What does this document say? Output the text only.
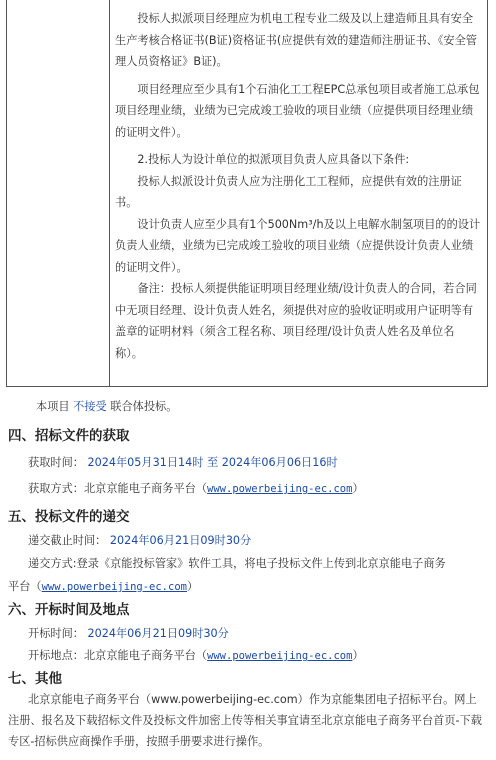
投标人拟派项目经理应为机电工程专业二级及以上建造师且具有安全生产考核合格证书(B证)资格证书(应提供有效的建造师注册证书、《安全管理人员资格证》B证)。

项目经理应至少具有1个石油化工工程EPC总承包项目或者施工总承包项目经理业绩，业绩为已完成竣工验收的项目业绩（应提供项目经理业绩的证明文件）。

2.投标人为设计单位的拟派项目负责人应具备以下条件:

投标人拟派设计负责人应为注册化工工程师，应提供有效的注册证书。

设计负责人应至少具有1个500Nm³/h及以上电解水制氢项目的的设计负责人业绩，业绩为已完成竣工验收的项目业绩（应提供设计负责人业绩的证明文件）。

备注：投标人须提供能证明项目经理业绩/设计负责人的合同，若合同中无项目经理、设计负责人姓名，须提供对应的验收证明或用户证明等有盖章的证明材料（须含工程名称、项目经理/设计负责人姓名及单位名称）。

本项目 不接受 联合体投标。
四、招标文件的获取
获取时间： 2024年05月31日14时 至 2024年06月06日16时
获取方式：北京京能电子商务平台（www.powerbeijing-ec.com）
五、投标文件的递交
递交截止时间： 2024年06月21日09时30分
递交方式:登录《京能投标管家》软件工具，将电子投标文件上传到北京京能电子商务
平台（www.powerbeijing-ec.com）
六、开标时间及地点
开标时间： 2024年06月21日09时30分
开标地点：北京京能电子商务平台（www.powerbeijing-ec.com）
七、其他
北京京能电子商务平台（www.powerbeijing-ec.com）作为京能集团电子招标平台。网上注册、报名及下载招标文件及投标文件加密上传等相关事宜请至北京京能电子商务平台首页-下载专区-招标供应商操作手册，按照手册要求进行操作。
